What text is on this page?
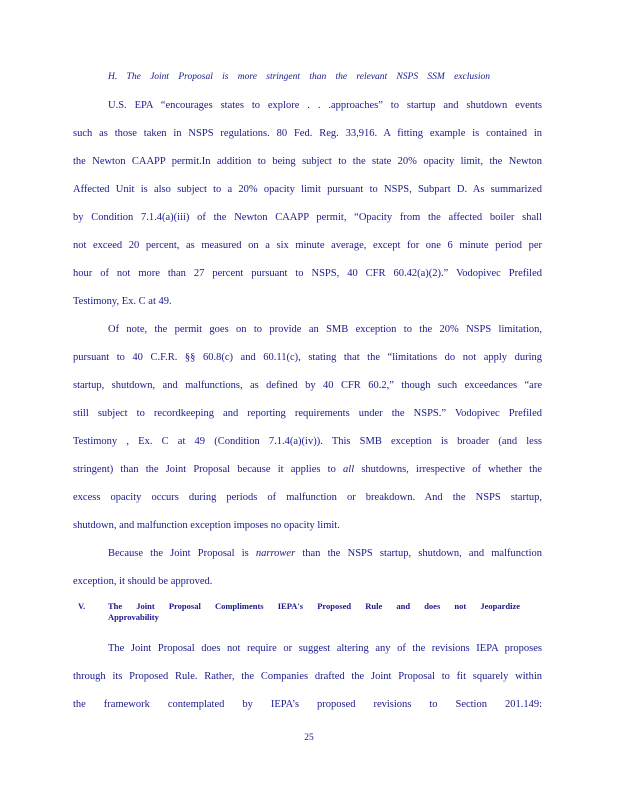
H. The Joint Proposal is more stringent than the relevant NSPS SSM exclusion
U.S. EPA “encourages states to explore . . .approaches” to startup and shutdown events
such as those taken in NSPS regulations. 80 Fed. Reg. 33,916. A fitting example is contained in
the Newton CAAPP permit.In addition to being subject to the state 20% opacity limit, the Newton
Affected Unit is also subject to a 20% opacity limit pursuant to NSPS, Subpart D. As summarized
by Condition 7.1.4(a)(iii) of the Newton CAAPP permit, “Opacity from the affected boiler shall
not exceed 20 percent, as measured on a six minute average, except for one 6 minute period per
hour of not more than 27 percent pursuant to NSPS, 40 CFR 60.42(a)(2).” Vodopivec Prefiled
Testimony, Ex. C at 49.
Of note, the permit goes on to provide an SMB exception to the 20% NSPS limitation,
pursuant to 40 C.F.R. §§ 60.8(c) and 60.11(c), stating that the “limitations do not apply during
startup, shutdown, and malfunctions, as defined by 40 CFR 60.2,” though such exceedances “are
still subject to recordkeeping and reporting requirements under the NSPS.” Vodopivec Prefiled
Testimony , Ex. C at 49 (Condition 7.1.4(a)(iv)). This SMB exception is broader (and less
stringent) than the Joint Proposal because it applies to all shutdowns, irrespective of whether the
excess opacity occurs during periods of malfunction or breakdown. And the NSPS startup,
shutdown, and malfunction exception imposes no opacity limit.
Because the Joint Proposal is narrower than the NSPS startup, shutdown, and malfunction
exception, it should be approved.
V.	The Joint Proposal Compliments IEPA's Proposed Rule and does not Jeopardize
Approvability
The Joint Proposal does not require or suggest altering any of the revisions IEPA proposes
through its Proposed Rule. Rather, the Companies drafted the Joint Proposal to fit squarely within
the framework contemplated by IEPA’s proposed revisions to Section 201.149:
25
